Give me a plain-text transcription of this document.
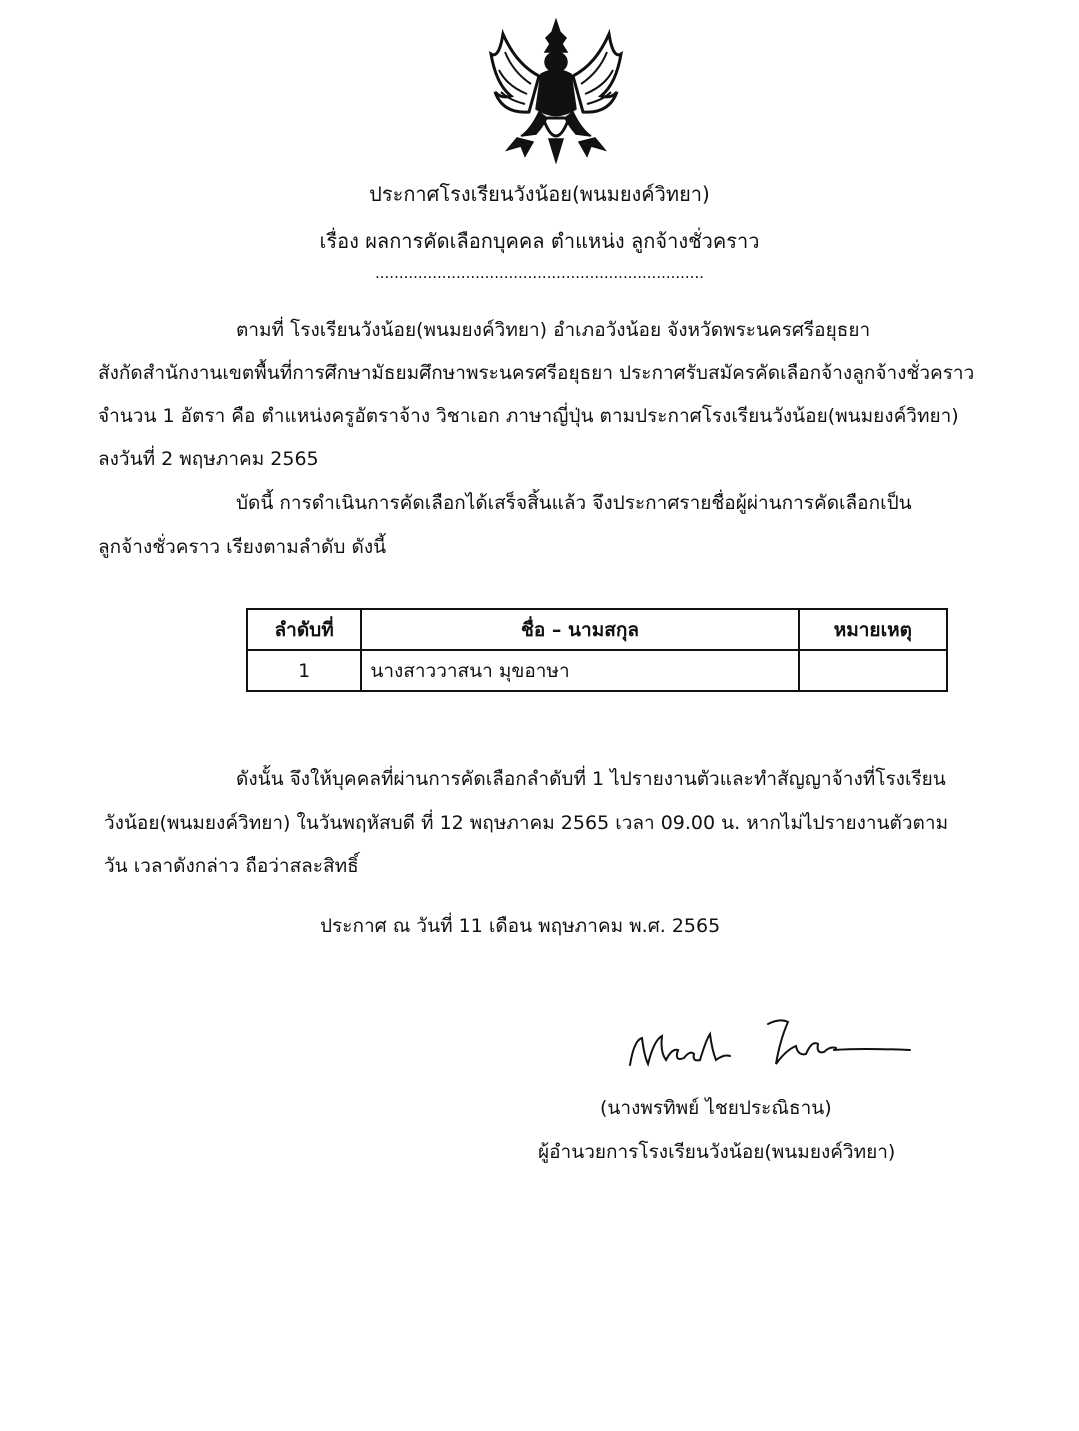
ประกาศโรงเรียนวังน้อย(พนมยงค์วิทยา)
เรื่อง ผลการคัดเลือกบุคคล ตำแหน่ง ลูกจ้างชั่วคราว
.....................................................................
ตามที่ โรงเรียนวังน้อย(พนมยงค์วิทยา) อำเภอวังน้อย จังหวัดพระนครศรีอยุธยา
สังกัดสำนักงานเขตพื้นที่การศึกษามัธยมศึกษาพระนครศรีอยุธยา ประกาศรับสมัครคัดเลือกจ้างลูกจ้างชั่วคราว
จำนวน 1 อัตรา คือ ตำแหน่งครูอัตราจ้าง วิชาเอก ภาษาญี่ปุ่น ตามประกาศโรงเรียนวังน้อย(พนมยงค์วิทยา)
ลงวันที่ 2 พฤษภาคม 2565
บัดนี้ การดำเนินการคัดเลือกได้เสร็จสิ้นแล้ว จึงประกาศรายชื่อผู้ผ่านการคัดเลือกเป็น
ลูกจ้างชั่วคราว เรียงตามลำดับ ดังนี้
ลำดับที่	ชื่อ – นามสกุล	หมายเหตุ
1	นางสาววาสนา มุขอาษา	
ดังนั้น จึงให้บุคคลที่ผ่านการคัดเลือกลำดับที่ 1 ไปรายงานตัวและทำสัญญาจ้างที่โรงเรียน
วังน้อย(พนมยงค์วิทยา) ในวันพฤหัสบดี ที่ 12 พฤษภาคม 2565 เวลา 09.00 น. หากไม่ไปรายงานตัวตาม
วัน เวลาดังกล่าว ถือว่าสละสิทธิ์
ประกาศ ณ วันที่ 11 เดือน พฤษภาคม พ.ศ. 2565
(นางพรทิพย์ ไชยประณิธาน)
ผู้อำนวยการโรงเรียนวังน้อย(พนมยงค์วิทยา)
